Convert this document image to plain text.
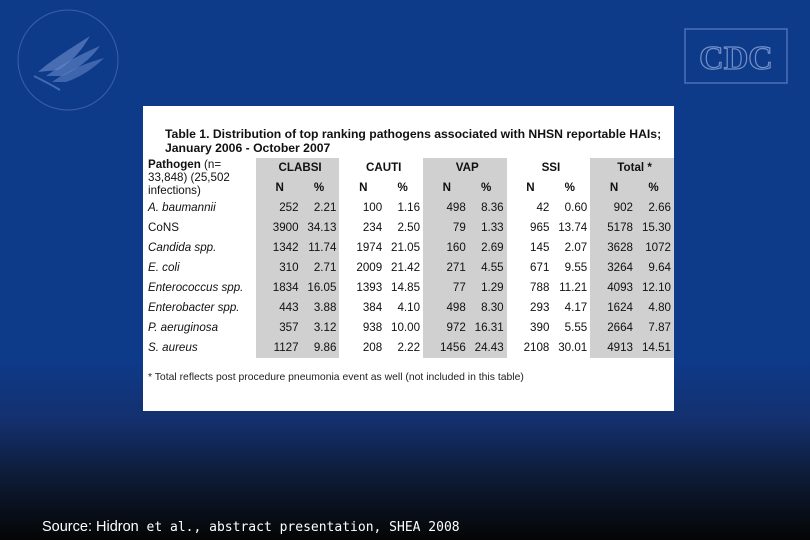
CDC
Table 1. Distribution of top ranking pathogens associated with NHSN reportable HAIs;
January 2006 - October 2007
Pathogen (n=
33,848) (25,502
infections)		CLABSI			CAUTI			VAP			SSI			Total *	
		N	%		N	%		N	%		N	%		N	%
A. baumannii		252	2.21		100	1.16		498	8.36		42	0.60		902	2.66
CoNS		3900	34.13		234	2.50		79	1.33		965	13.74		5178	15.30
Candida spp.		1342	11.74		1974	21.05		160	2.69		145	2.07		3628	1072
E. coli		310	2.71		2009	21.42		271	4.55		671	9.55		3264	9.64
Enterococcus spp.		1834	16.05		1393	14.85		77	1.29		788	11.21		4093	12.10
Enterobacter spp.		443	3.88		384	4.10		498	8.30		293	4.17		1624	4.80
P. aeruginosa		357	3.12		938	10.00		972	16.31		390	5.55		2664	7.87
S. aureus		1127	9.86		208	2.22		1456	24.43		2108	30.01		4913	14.51
* Total reflects post procedure pneumonia event as well (not included in this table)
Source: Hidron et al., abstract presentation, SHEA 2008
